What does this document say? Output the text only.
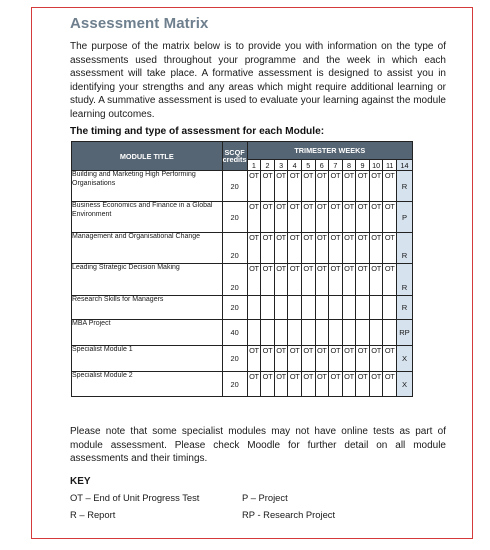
Assessment Matrix

The purpose of the matrix below is to provide you with information on the type of assessments used throughout your programme and the week in which each assessment will take place. A formative assessment is designed to assist you in identifying your strengths and any areas which might require additional learning or study. A summative assessment is used to evaluate your learning against the module learning outcomes.

The timing and type of assessment for each Module:
MODULE TITLE	SCQF credits	TRIMESTER WEEKS											
		1	2	3	4	5	6	7	8	9	10	11	14
Building and Marketing High Performing Organisations	20	OT	OT	OT	OT	OT	OT	OT	OT	OT	OT	OT	R
Business Economics and Finance in a Global Environment	20	OT	OT	OT	OT	OT	OT	OT	OT	OT	OT	OT	P
Management and Organisational Change	20	OT	OT	OT	OT	OT	OT	OT	OT	OT	OT	OT	R
Leading Strategic Decision Making	20	OT	OT	OT	OT	OT	OT	OT	OT	OT	OT	OT	R
Research Skills for Managers	20												R
MBA Project	40												RP
Specialist Module 1	20	OT	OT	OT	OT	OT	OT	OT	OT	OT	OT	OT	X
Specialist Module 2	20	OT	OT	OT	OT	OT	OT	OT	OT	OT	OT	OT	X

Please note that some specialist modules may not have online tests as part of module assessment. Please check Moodle for further detail on all module assessments and their timings.

KEY
OT – End of Unit Progress Test	P – Project
R – Report	RP - Research Project
